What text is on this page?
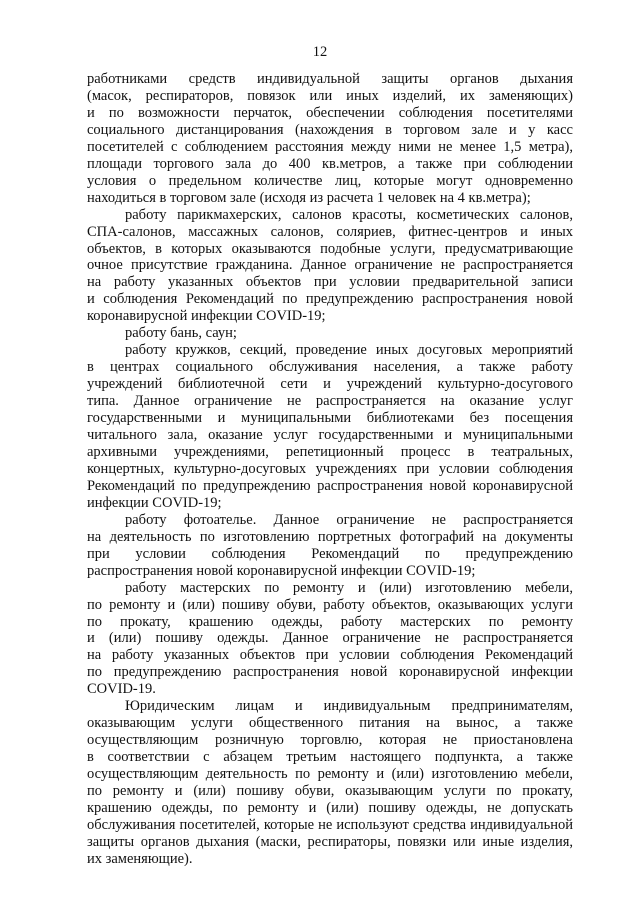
12
работниками средств индивидуальной защиты органов дыхания
(масок, респираторов, повязок или иных изделий, их заменяющих)
и по возможности перчаток, обеспечении соблюдения посетителями
социального дистанцирования (нахождения в торговом зале и у касс
посетителей с соблюдением расстояния между ними не менее 1,5 метра),
площади торгового зала до 400 кв.метров, а также при соблюдении
условия о предельном количестве лиц, которые могут одновременно
находиться в торговом зале (исходя из расчета 1 человек на 4 кв.метра);
работу парикмахерских, салонов красоты, косметических салонов,
СПА-салонов, массажных салонов, соляриев, фитнес-центров и иных
объектов, в которых оказываются подобные услуги, предусматривающие
очное присутствие гражданина. Данное ограничение не распространяется
на работу указанных объектов при условии предварительной записи
и соблюдения Рекомендаций по предупреждению распространения новой
коронавирусной инфекции COVID-19;
работу бань, саун;
работу кружков, секций, проведение иных досуговых мероприятий
в центрах социального обслуживания населения, а также работу
учреждений библиотечной сети и учреждений культурно-досугового
типа. Данное ограничение не распространяется на оказание услуг
государственными и муниципальными библиотеками без посещения
читального зала, оказание услуг государственными и муниципальными
архивными учреждениями, репетиционный процесс в театральных,
концертных, культурно-досуговых учреждениях при условии соблюдения
Рекомендаций по предупреждению распространения новой коронавирусной
инфекции COVID-19;
работу фотоателье. Данное ограничение не распространяется
на деятельность по изготовлению портретных фотографий на документы
при условии соблюдения Рекомендаций по предупреждению
распространения новой коронавирусной инфекции COVID-19;
работу мастерских по ремонту и (или) изготовлению мебели,
по ремонту и (или) пошиву обуви, работу объектов, оказывающих услуги
по прокату, крашению одежды, работу мастерских по ремонту
и (или) пошиву одежды. Данное ограничение не распространяется
на работу указанных объектов при условии соблюдения Рекомендаций
по предупреждению распространения новой коронавирусной инфекции
COVID-19.
Юридическим лицам и индивидуальным предпринимателям,
оказывающим услуги общественного питания на вынос, а также
осуществляющим розничную торговлю, которая не приостановлена
в соответствии с абзацем третьим настоящего подпункта, а также
осуществляющим деятельность по ремонту и (или) изготовлению мебели,
по ремонту и (или) пошиву обуви, оказывающим услуги по прокату,
крашению одежды, по ремонту и (или) пошиву одежды, не допускать
обслуживания посетителей, которые не используют средства индивидуальной
защиты органов дыхания (маски, респираторы, повязки или иные изделия,
их заменяющие).
